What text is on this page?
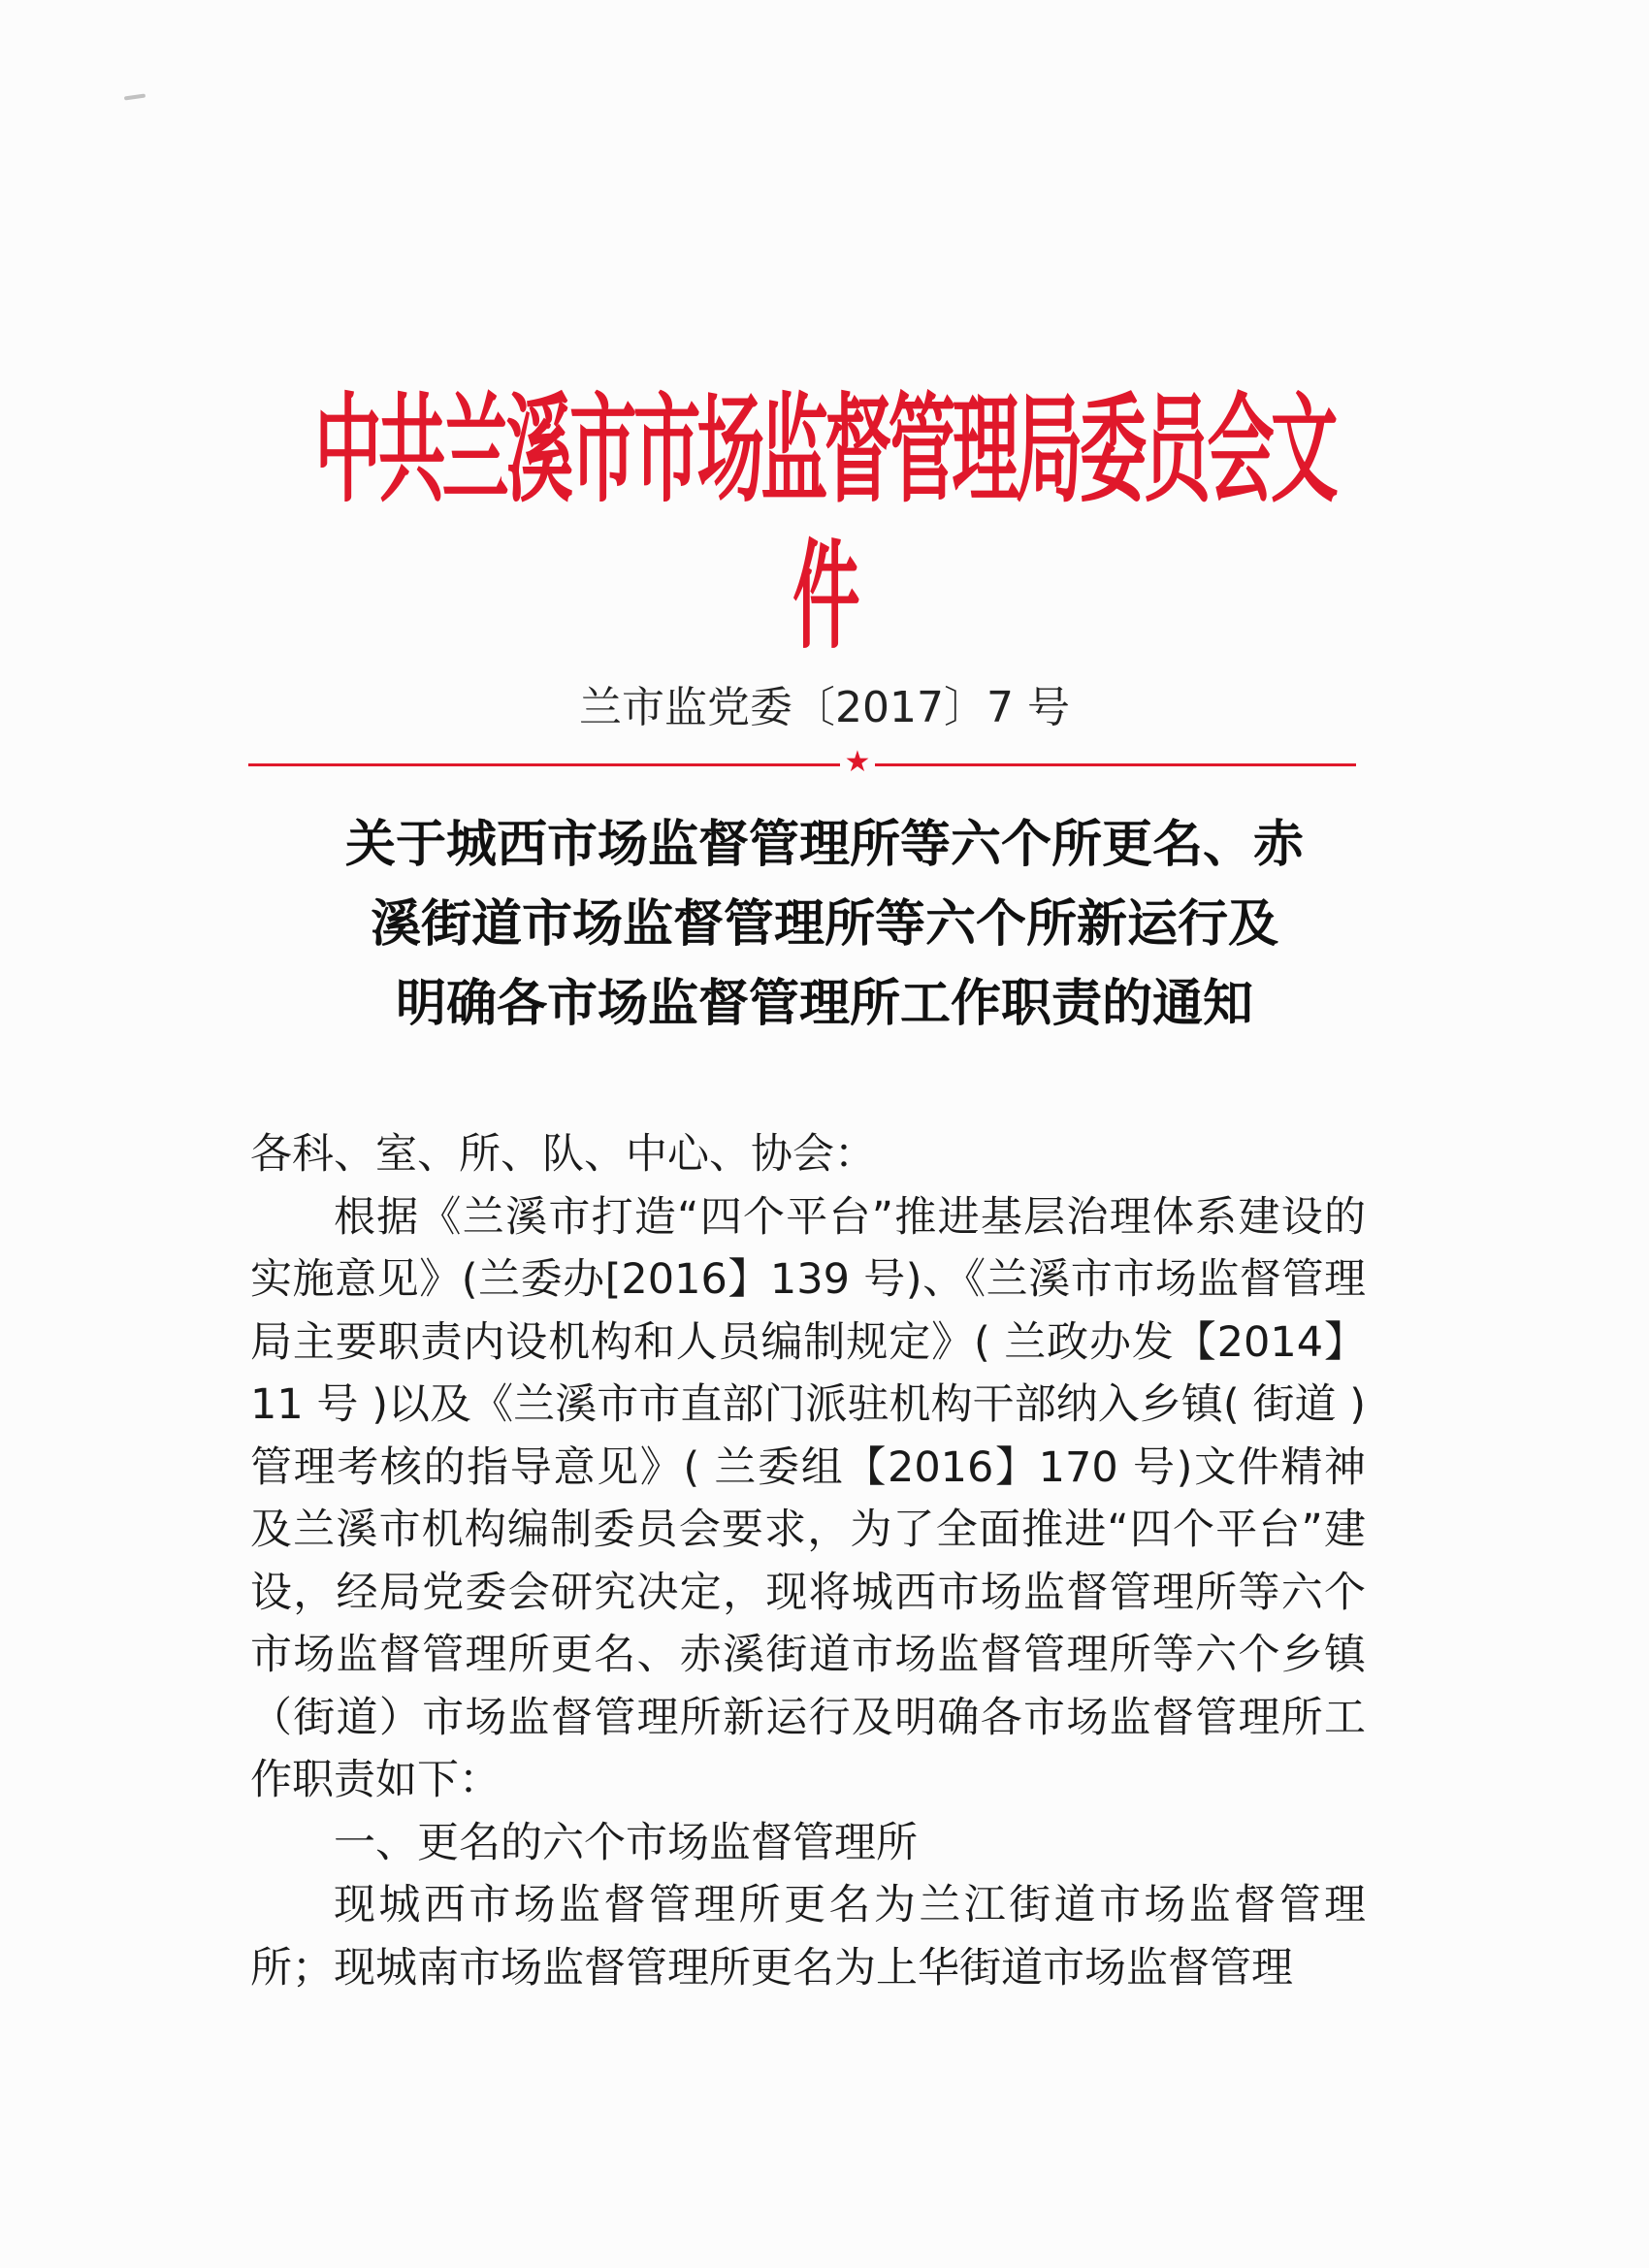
中共兰溪市市场监督管理局委员会文件
兰市监党委〔2017〕7 号
★
关于城西市场监督管理所等六个所更名、赤
溪街道市场监督管理所等六个所新运行及
明确各市场监督管理所工作职责的通知

各科、室、所、队、中心、协会：

根据《兰溪市打造“四个平台”推进基层治理体系建设的实施意见》(兰委办[2016】139 号)、《兰溪市市场监督管理局主要职责内设机构和人员编制规定》( 兰政办发【2014】11 号 )以及《兰溪市市直部门派驻机构干部纳入乡镇( 街道 )管理考核的指导意见》( 兰委组【2016】170 号)文件精神及兰溪市机构编制委员会要求，为了全面推进“四个平台”建设，经局党委会研究决定，现将城西市场监督管理所等六个市场监督管理所更名、赤溪街道市场监督管理所等六个乡镇（街道）市场监督管理所新运行及明确各市场监督管理所工作职责如下：

一、更名的六个市场监督管理所

现城西市场监督管理所更名为兰江街道市场监督管理所；现城南市场监督管理所更名为上华街道市场监督管理
